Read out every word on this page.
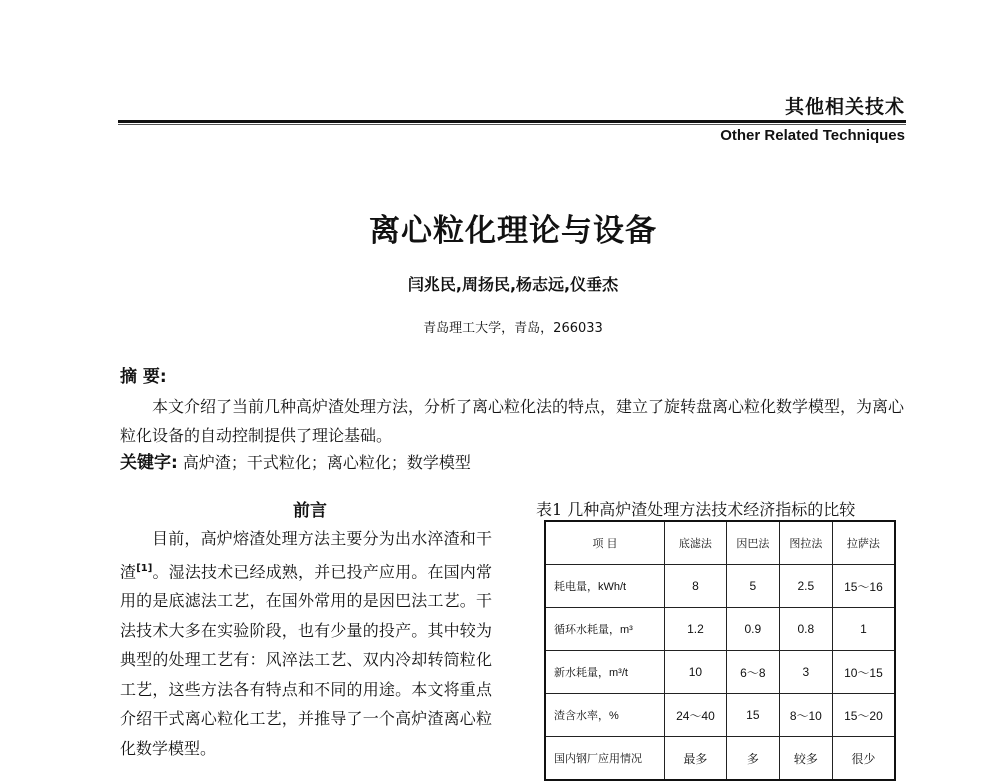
其他相关技术
Other Related Techniques
离心粒化理论与设备
闫兆民,周扬民,杨志远,仪垂杰
青岛理工大学，青岛，266033
摘 要:
本文介绍了当前几种高炉渣处理方法，分析了离心粒化法的特点，建立了旋转盘离心粒化数学模型，为离心粒化设备的自动控制提供了理论基础。
关键字: 高炉渣；干式粒化；离心粒化；数学模型
前言
目前，高炉熔渣处理方法主要分为出水淬渣和干渣[1]。湿法技术已经成熟，并已投产应用。在国内常用的是底滤法工艺，在国外常用的是因巴法工艺。干法技术大多在实验阶段，也有少量的投产。其中较为典型的处理工艺有：风淬法工艺、双内冷却转筒粒化工艺，这些方法各有特点和不同的用途。本文将重点介绍干式离心粒化工艺，并推导了一个高炉渣离心粒化数学模型。
表1 几种高炉渣处理方法技术经济指标的比较
项 目	底滤法	因巴法	图拉法	拉萨法
耗电量，kWh/t	8	5	2.5	15～16
循环水耗量，m³	1.2	0.9	0.8	1
新水耗量，m³/t	10	6～8	3	10～15
渣含水率，%	24～40	15	8～10	15～20
国内钢厂应用情况	最多	多	较多	很少
